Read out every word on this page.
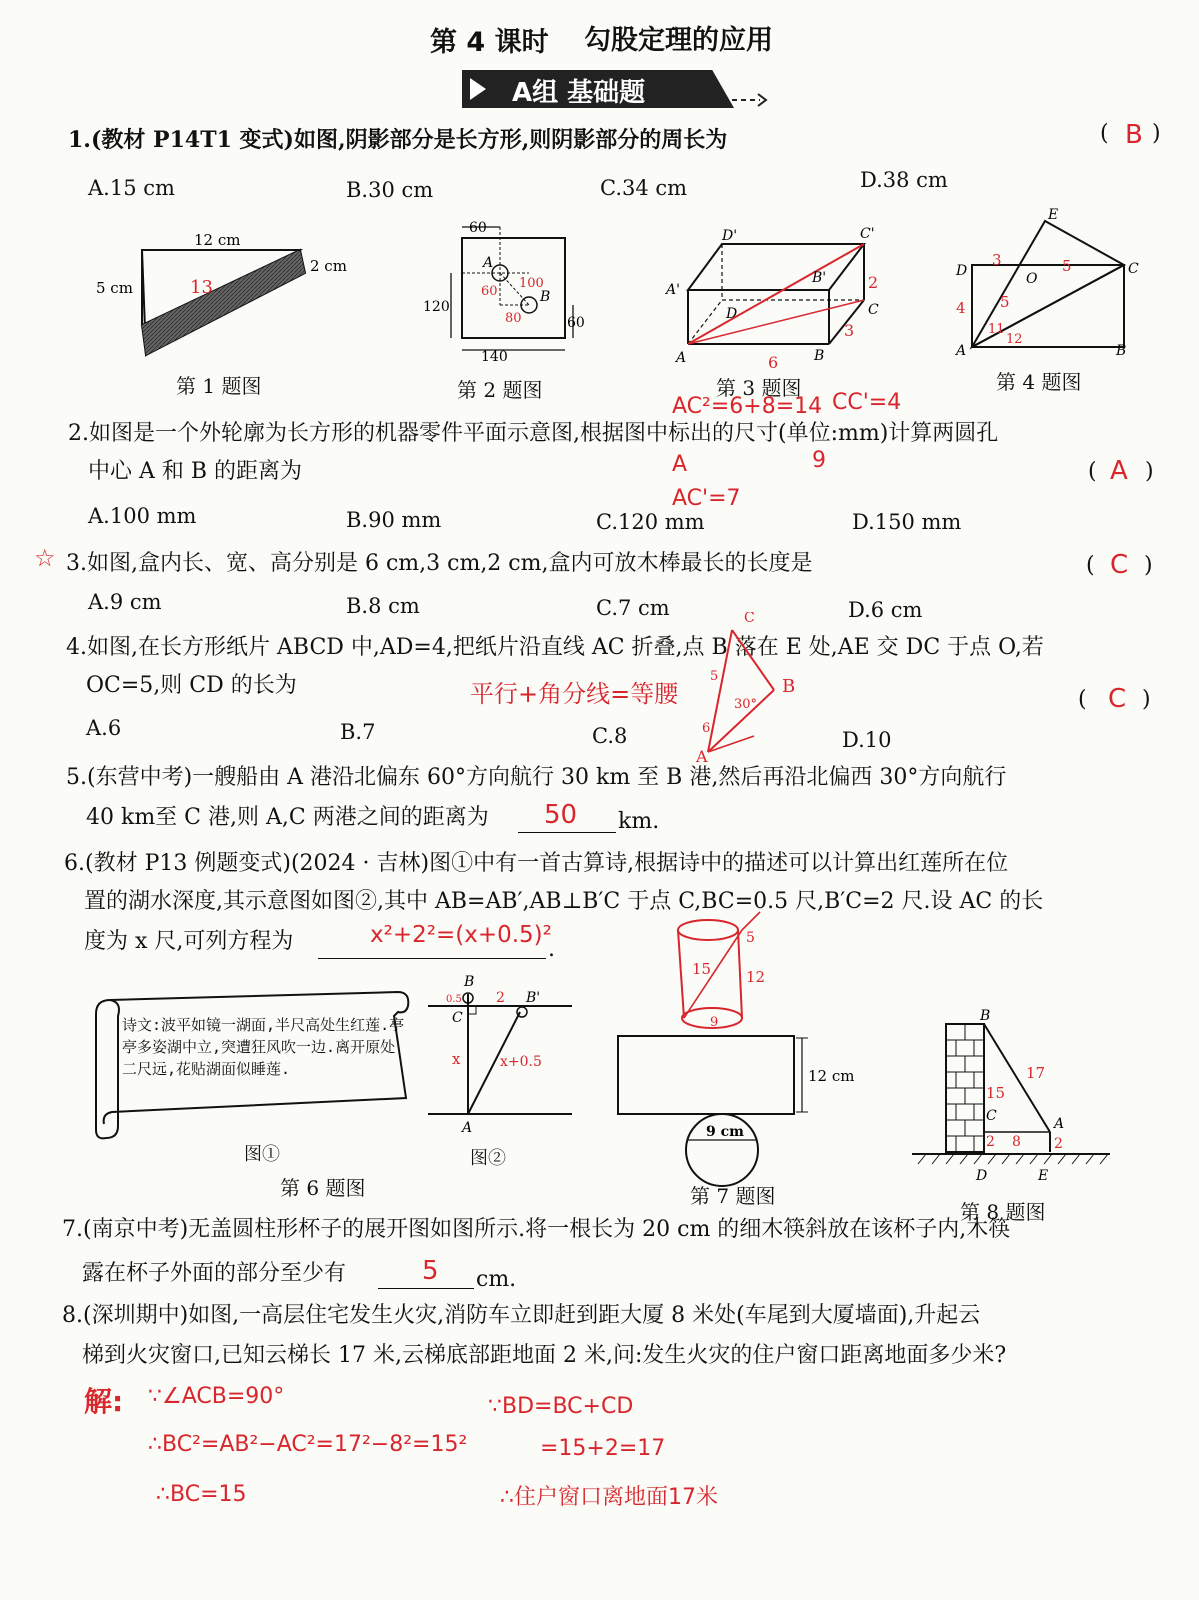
第 4 课时 勾股定理的应用
A组 基础题
1.(教材 P14T1 变式)如图,阴影部分是长方形,则阴影部分的周长为	( B )
A.15 cm	B.30 cm	C.34 cm	D.38 cm
12 cm
5 cm
2 cm
13
第 1 题图
60
120
140
60
A
B
60
80
100
第 2 题图
D'	C'
A'
B'
D	C
A	B
2
3
6
第 3 题图
E
D	O
C
A	B
3	5
4 5
12
11
第 4 题图
AC²=6+8=14 CC'=4
A	9
AC'=7
2.如图是一个外轮廓为长方形的机器零件平面示意图,根据图中标出的尺寸(单位:mm)计算两圆孔
中心 A 和 B 的距离为	( A )
A.100 mm	B.90 mm	C.120 mm	D.150 mm
☆ 3.如图,盒内长、宽、高分别是 6 cm,3 cm,2 cm,盒内可放木棒最长的长度是	( C )
A.9 cm	B.8 cm	C.7 cm	D.6 cm
4.如图,在长方形纸片 ABCD 中,AD=4,把纸片沿直线 AC 折叠,点 B 落在 E 处,AE 交 DC 于点 O,若
OC=5,则 CD 的长为	平行+角分线=等腰	( C )
A.6	B.7	C.8	D.10
C
B
A
5
30°
6
5.(东营中考)一艘船由 A 港沿北偏东 60°方向航行 30 km 至 B 港,然后再沿北偏西 30°方向航行
40 km至 C 港,则 A,C 两港之间的距离为 50 km.
6.(教材 P13 例题变式)(2024 · 吉林)图①中有一首古算诗,根据诗中的描述可以计算出红莲所在位
置的湖水深度,其示意图如图②,其中 AB=AB′,AB⊥B′C 于点 C,BC=0.5 尺,B′C=2 尺.设 AC 的长
度为 x 尺,可列方程为	x²+2²=(x+0.5)²
.
诗文:波平如镜一湖面,半尺高处生红莲.亭亭多姿湖中立,突遭狂风吹一边.离开原处二尺远,花贴湖面似睡莲.
图①
B
B'
C
A
0.5 2
x	x+0.5
图②
第 6 题图
5
15 12
9
12 cm
9 cm
第 7 题图
B
C	A
D	E
17
15
2 8 2
第 8 题图
7.(南京中考)无盖圆柱形杯子的展开图如图所示.将一根长为 20 cm 的细木筷斜放在该杯子内,木筷
露在杯子外面的部分至少有	5 cm.
8.(深圳期中)如图,一高层住宅发生火灾,消防车立即赶到距大厦 8 米处(车尾到大厦墙面),升起云
梯到火灾窗口,已知云梯长 17 米,云梯底部距地面 2 米,问:发生火灾的住户窗口距离地面多少米?
解: ∵∠ACB=90°
∴BC²=AB²−AC²=17²−8²=15²
∴BC=15
∵BD=BC+CD
=15+2=17
∴住户窗口离地面17米
